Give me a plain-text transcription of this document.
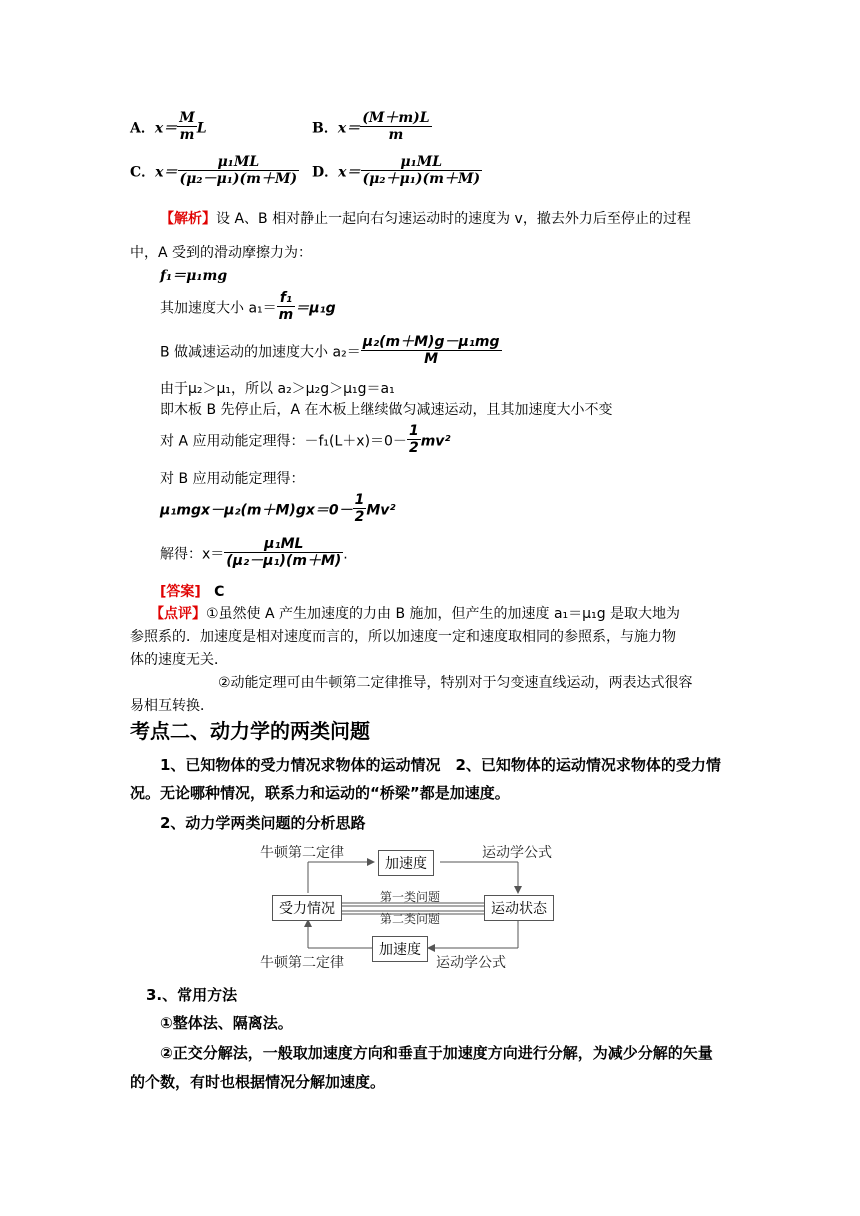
A．$x= \frac{M}{m}$ L	B．$x= \frac{(M+m)L}{m}$
C．$x= \frac{\text{μ₁ML}}{\text{(μ₂－μ₁)(m＋M)}}$ D．$x= \frac{\text{μ₁ML}}{\text{(μ₂＋μ₁)(m＋M)}}$
【解析】设 A、B 相对静止一起向右匀速运动时的速度为 v，撤去外力后至停止的过程
中，A 受到的滑动摩擦力为：
f₁＝μ₁mg
其加速度大小 $a_1= \frac{\text{f₁}}{m} =\mu_1g$
B 做减速运动的加速度大小 $a_2= \frac{\text{μ₂(m＋M)g－μ₁mg}}{M}$
由于μ₂＞μ₁，所以 a₂＞μ₂g＞μ₁g＝a₁
即木板 B 先停止后，A 在木板上继续做匀减速运动，且其加速度大小不变
对 A 应用动能定理得：$-f_1(L+x)=0- \frac{1}{2} mv^2$
对 B 应用动能定理得：
$\mu_1mgx-\mu_2(m+M)gx=0- \frac{1}{2} Mv^2$
解得：$x= \frac{\text{μ₁ML}}{\text{(μ₂－μ₁)(m＋M)}}$ .
[答案] C
【点评】①虽然使 A 产生加速度的力由 B 施加，但产生的加速度 a₁＝μ₁g 是取大地为
参照系的．加速度是相对速度而言的，所以加速度一定和速度取相同的参照系，与施力物
体的速度无关．
②动能定理可由牛顿第二定律推导，特别对于匀变速直线运动，两表达式很容
易相互转换．
考点二、动力学的两类问题
1、已知物体的受力情况求物体的运动情况　2、已知物体的运动情况求物体的受力情
况。无论哪种情况，联系力和运动的“桥梁”都是加速度。
2、动力学两类问题的分析思路
牛顿第二定律
加速度
运动学公式
受力情况
第一类问题
第二类问题
运动状态
加速度
牛顿第二定律	运动学公式
3.、常用方法
①整体法、隔离法。
②正交分解法，一般取加速度方向和垂直于加速度方向进行分解，为减少分解的矢量
的个数，有时也根据情况分解加速度。
